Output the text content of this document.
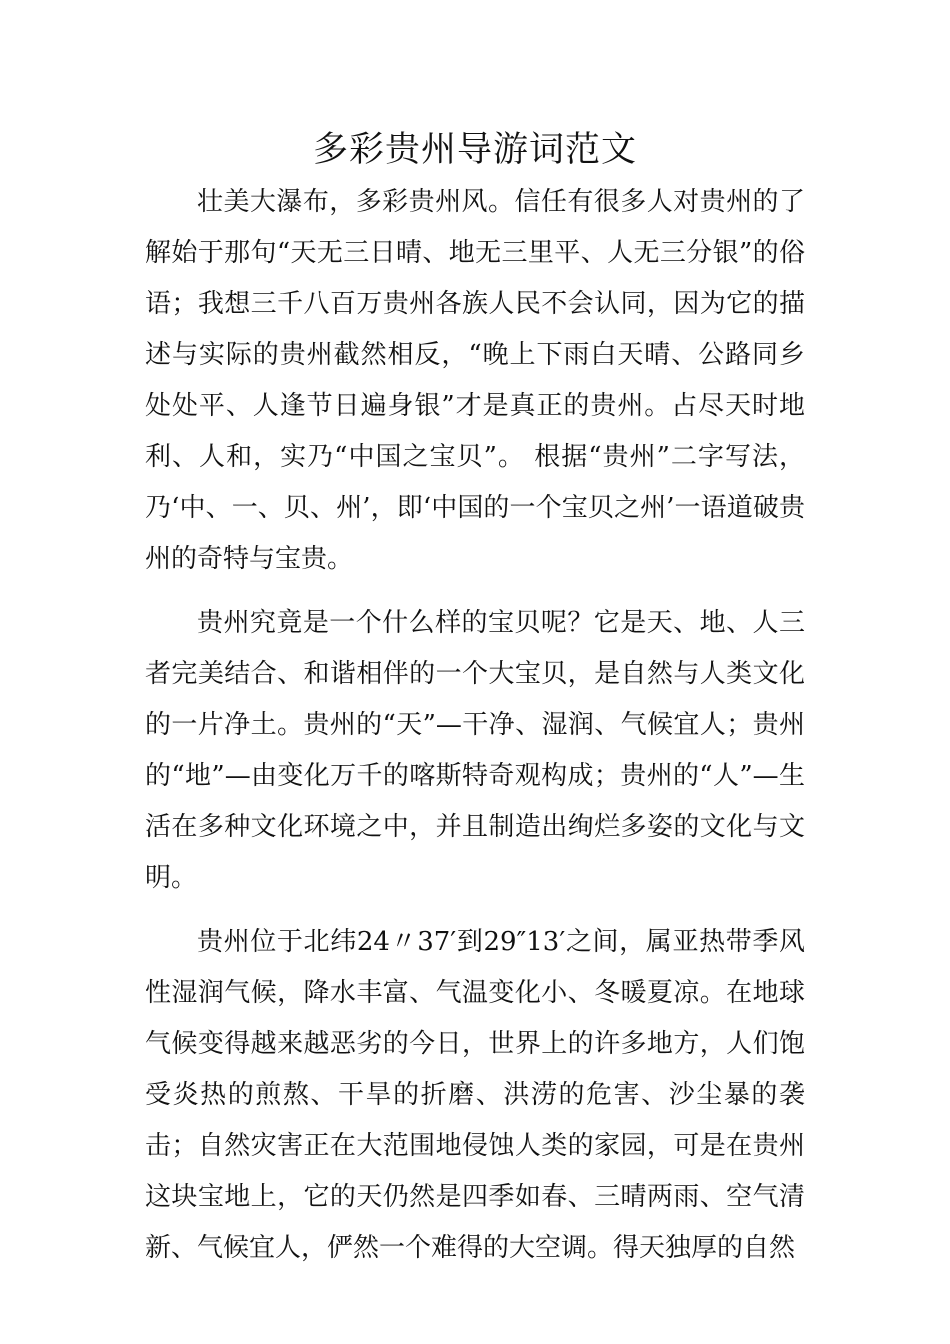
多彩贵州导游词范文

壮美大瀑布，多彩贵州风。信任有很多人对贵州的了解始于那句“天无三日晴、地无三里平、人无三分银”的俗语；我想三千八百万贵州各族人民不会认同，因为它的描述与实际的贵州截然相反，“晚上下雨白天晴、公路同乡处处平、人逢节日遍身银”才是真正的贵州。占尽天时地利、人和，实乃“中国之宝贝”。 根据“贵州”二字写法，乃‘中、一、贝、州’，即‘中国的一个宝贝之州’一语道破贵州的奇特与宝贵。

贵州究竟是一个什么样的宝贝呢？它是天、地、人三者完美结合、和谐相伴的一个大宝贝，是自然与人类文化的一片净土。贵州的“天”—干净、湿润、气候宜人；贵州的“地”—由变化万千的喀斯特奇观构成；贵州的“人”—生活在多种文化环境之中，并且制造出绚烂多姿的文化与文明。

贵州位于北纬24〃37′到29″13′之间，属亚热带季风性湿润气候，降水丰富、气温变化小、冬暖夏凉。在地球气候变得越来越恶劣的今日，世界上的许多地方，人们饱受炎热的煎熬、干旱的折磨、洪涝的危害、沙尘暴的袭击；自然灾害正在大范围地侵蚀人类的家园，可是在贵州这块宝地上，它的天仍然是四季如春、三晴两雨、空气清新、气候宜人，俨然一个难得的大空调。得天独厚的自然
